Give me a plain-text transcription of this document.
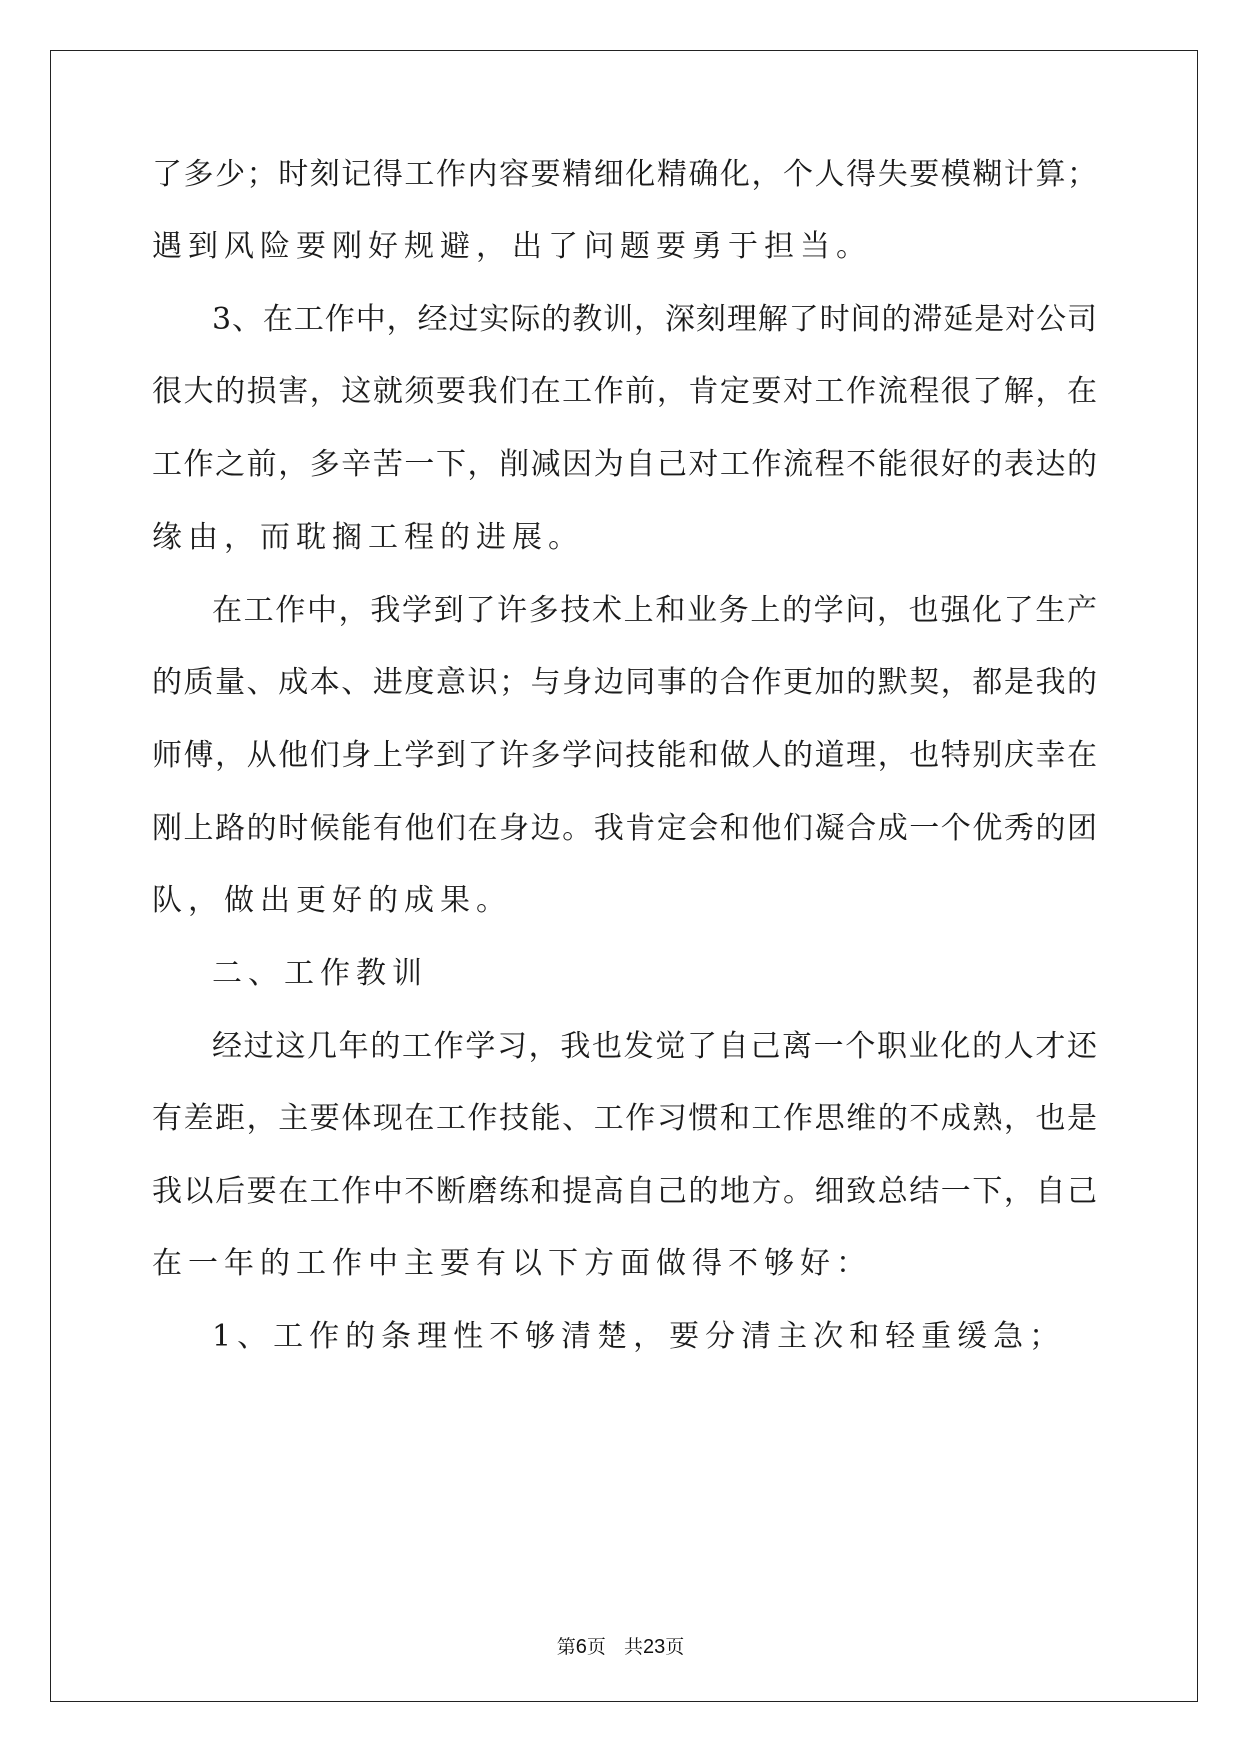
了多少；时刻记得工作内容要精细化精确化，个人得失要模糊计算；
遇到风险要刚好规避，出了问题要勇于担当。
3、在工作中，经过实际的教训，深刻理解了时间的滞延是对公司
很大的损害，这就须要我们在工作前，肯定要对工作流程很了解，在
工作之前，多辛苦一下，削减因为自己对工作流程不能很好的表达的
缘由，而耽搁工程的进展。
在工作中，我学到了许多技术上和业务上的学问，也强化了生产
的质量、成本、进度意识；与身边同事的合作更加的默契，都是我的
师傅，从他们身上学到了许多学问技能和做人的道理，也特别庆幸在
刚上路的时候能有他们在身边。我肯定会和他们凝合成一个优秀的团
队，做出更好的成果。
二、工作教训
经过这几年的工作学习，我也发觉了自己离一个职业化的人才还
有差距，主要体现在工作技能、工作习惯和工作思维的不成熟，也是
我以后要在工作中不断磨练和提高自己的地方。细致总结一下，自己
在一年的工作中主要有以下方面做得不够好：
1、工作的条理性不够清楚，要分清主次和轻重缓急；
第6页 共23页
